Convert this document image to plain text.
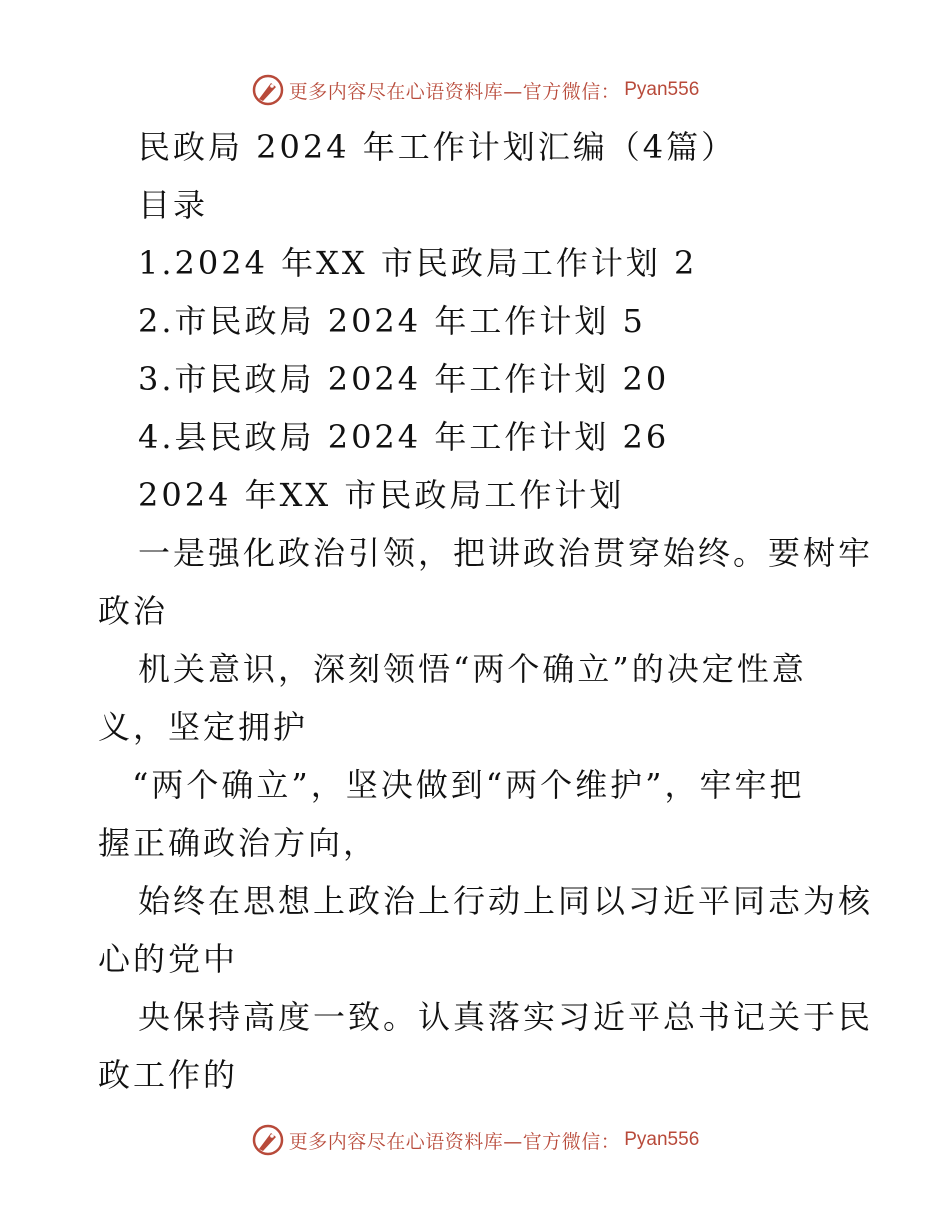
更多内容尽在心语资料库—官方微信： Pyan556
民政局 2024 年工作计划汇编（4篇）
目录
1.2024 年XX 市民政局工作计划 2
2.市民政局 2024 年工作计划 5
3.市民政局 2024 年工作计划 20
4.县民政局 2024 年工作计划 26
2024 年XX 市民政局工作计划
一是强化政治引领，把讲政治贯穿始终。要树牢
政治
机关意识，深刻领悟“两个确立”的决定性意
义，坚定拥护
“两个确立”，坚决做到“两个维护”，牢牢把
握正确政治方向，
始终在思想上政治上行动上同以习近平同志为核
心的党中
央保持高度一致。认真落实习近平总书记关于民
政工作的
更多内容尽在心语资料库—官方微信： Pyan556
